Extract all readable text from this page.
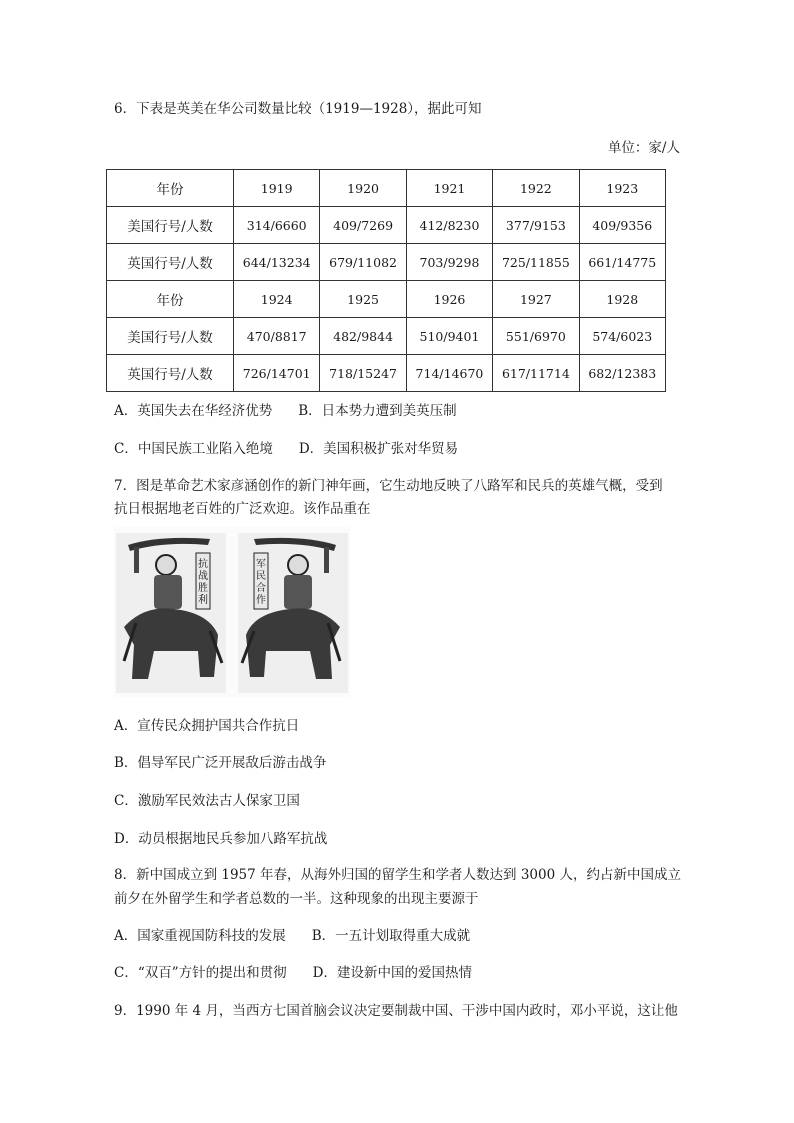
6．下表是英美在华公司数量比较（1919—1928），据此可知
单位：家/人
年份	1919	1920	1921	1922	1923
美国行号/人数	314/6660	409/7269	412/8230	377/9153	409/9356
英国行号/人数	644/13234	679/11082	703/9298	725/11855	661/14775
年份	1924	1925	1926	1927	1928
美国行号/人数	470/8817	482/9844	510/9401	551/6970	574/6023
英国行号/人数	726/14701	718/15247	714/14670	617/11714	682/12383
A．英国失去在华经济优势 B．日本势力遭到美英压制
C．中国民族工业陷入绝境 D．美国积极扩张对华贸易
7．图是革命艺术家彦涵创作的新门神年画，它生动地反映了八路军和民兵的英雄气概，受到
抗日根据地老百姓的广泛欢迎。该作品重在
抗
战
胜
利
军
民
合
作
A．宣传民众拥护国共合作抗日
B．倡导军民广泛开展敌后游击战争
C．激励军民效法古人保家卫国
D．动员根据地民兵参加八路军抗战
8．新中国成立到 1957 年春，从海外归国的留学生和学者人数达到 3000 人，约占新中国成立
前夕在外留学生和学者总数的一半。这种现象的出现主要源于
A．国家重视国防科技的发展 B．一五计划取得重大成就
C．“双百”方针的提出和贯彻 D．建设新中国的爱国热情
9．1990 年 4 月，当西方七国首脑会议决定要制裁中国、干涉中国内政时，邓小平说，这让他
